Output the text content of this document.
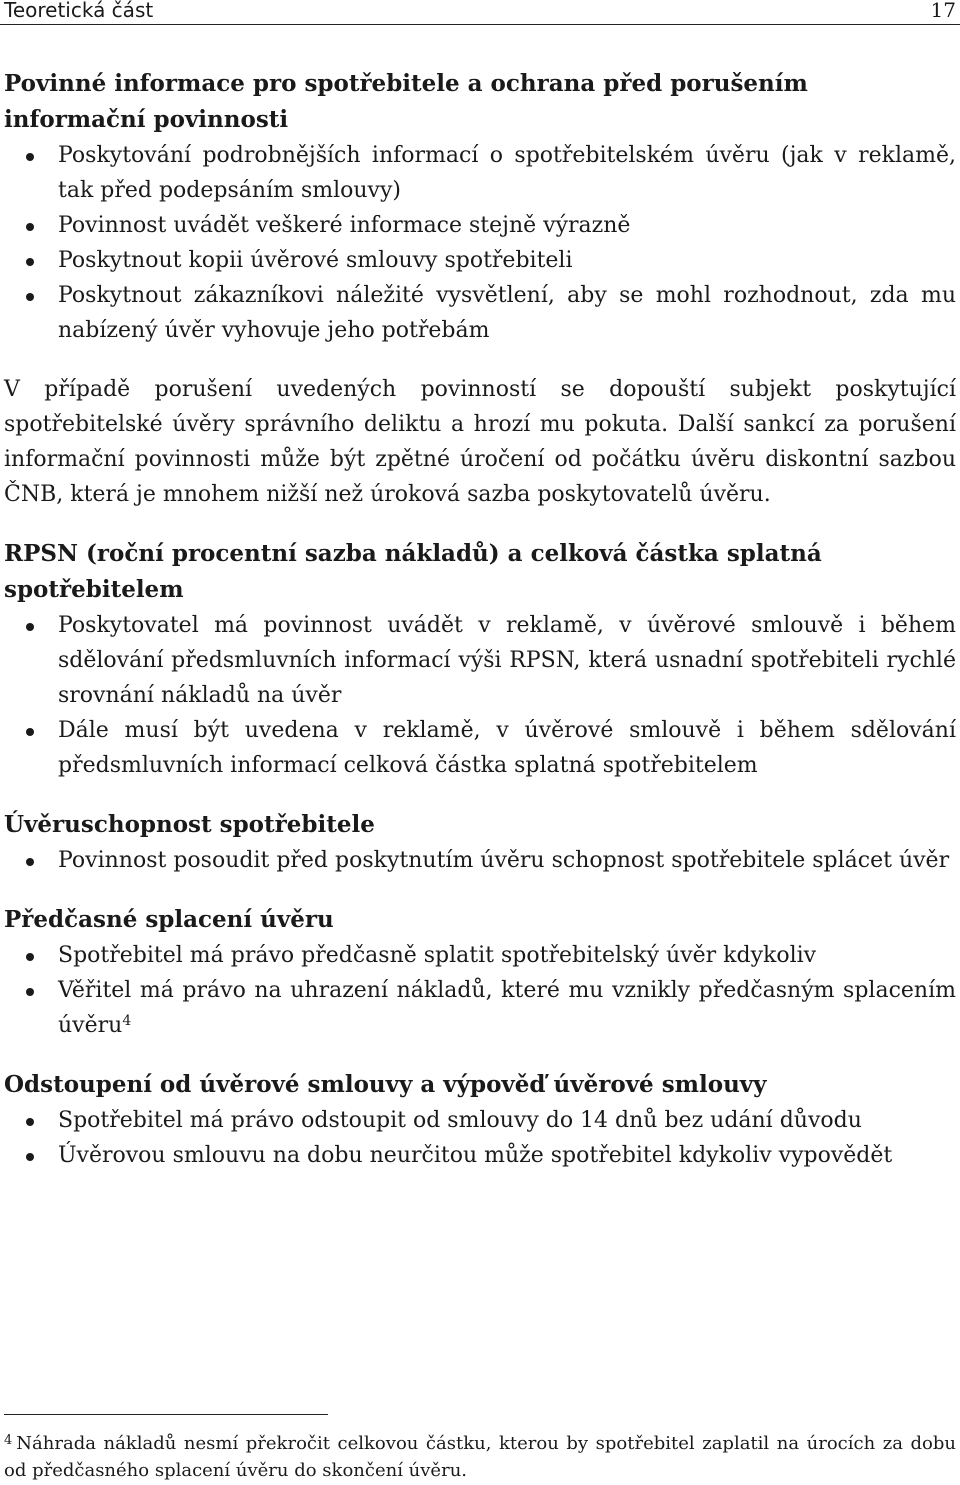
Teoretická část	17
Povinné informace pro spotřebitele a ochrana před porušením informační povinnosti
Poskytování podrobnějších informací o spotřebitelském úvěru (jak v reklamě, tak před podepsáním smlouvy)
Povinnost uvádět veškeré informace stejně výrazně
Poskytnout kopii úvěrové smlouvy spotřebiteli
Poskytnout zákazníkovi náležité vysvětlení, aby se mohl rozhodnout, zda mu nabízený úvěr vyhovuje jeho potřebám

V případě porušení uvedených povinností se dopouští subjekt poskytující spotřebitelské úvěry správního deliktu a hrozí mu pokuta. Další sankcí za porušení informační povinnosti může být zpětné úročení od počátku úvěru diskontní sazbou ČNB, která je mnohem nižší než úroková sazba poskytovatelů úvěru.

RPSN (roční procentní sazba nákladů) a celková částka splatná spotřebitelem
Poskytovatel má povinnost uvádět v reklamě, v úvěrové smlouvě i během sdělování předsmluvních informací výši RPSN, která usnadní spotřebiteli rychlé srovnání nákladů na úvěr
Dále musí být uvedena v reklamě, v úvěrové smlouvě i během sdělování předsmluvních informací celková částka splatná spotřebitelem
Úvěruschopnost spotřebitele
Povinnost posoudit před poskytnutím úvěru schopnost spotřebitele splácet úvěr
Předčasné splacení úvěru
Spotřebitel má právo předčasně splatit spotřebitelský úvěr kdykoliv
Věřitel má právo na uhrazení nákladů, které mu vznikly předčasným splacením úvěru$^4$
Odstoupení od úvěrové smlouvy a výpověď úvěrové smlouvy
Spotřebitel má právo odstoupit od smlouvy do 14 dnů bez udání důvodu
Úvěrovou smlouvu na dobu neurčitou může spotřebitel kdykoliv vypovědět
$^4$ Náhrada nákladů nesmí překročit celkovou částku, kterou by spotřebitel zaplatil na úrocích za dobu od předčasného splacení úvěru do skončení úvěru.
